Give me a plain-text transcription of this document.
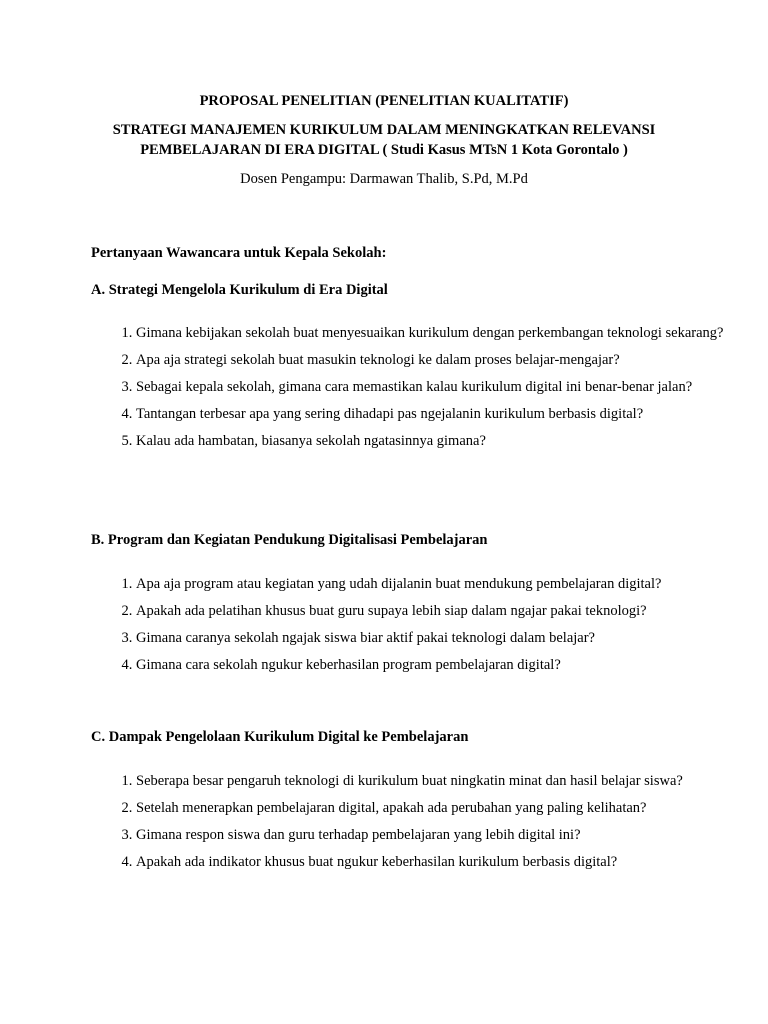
PROPOSAL PENELITIAN (PENELITIAN KUALITATIF)
STRATEGI MANAJEMEN KURIKULUM DALAM MENINGKATKAN RELEVANSI
PEMBELAJARAN DI ERA DIGITAL ( Studi Kasus MTsN 1 Kota Gorontalo )
Dosen Pengampu: Darmawan Thalib, S.Pd, M.Pd
Pertanyaan Wawancara untuk Kepala Sekolah:
A. Strategi Mengelola Kurikulum di Era Digital
1. Gimana kebijakan sekolah buat menyesuaikan kurikulum dengan perkembangan teknologi sekarang?
2. Apa aja strategi sekolah buat masukin teknologi ke dalam proses belajar-mengajar?
3. Sebagai kepala sekolah, gimana cara memastikan kalau kurikulum digital ini benar-benar jalan?
4. Tantangan terbesar apa yang sering dihadapi pas ngejalanin kurikulum berbasis digital?
5. Kalau ada hambatan, biasanya sekolah ngatasinnya gimana?
B. Program dan Kegiatan Pendukung Digitalisasi Pembelajaran
1. Apa aja program atau kegiatan yang udah dijalanin buat mendukung pembelajaran digital?
2. Apakah ada pelatihan khusus buat guru supaya lebih siap dalam ngajar pakai teknologi?
3. Gimana caranya sekolah ngajak siswa biar aktif pakai teknologi dalam belajar?
4. Gimana cara sekolah ngukur keberhasilan program pembelajaran digital?
C. Dampak Pengelolaan Kurikulum Digital ke Pembelajaran
1. Seberapa besar pengaruh teknologi di kurikulum buat ningkatin minat dan hasil belajar siswa?
2. Setelah menerapkan pembelajaran digital, apakah ada perubahan yang paling kelihatan?
3. Gimana respon siswa dan guru terhadap pembelajaran yang lebih digital ini?
4. Apakah ada indikator khusus buat ngukur keberhasilan kurikulum berbasis digital?
